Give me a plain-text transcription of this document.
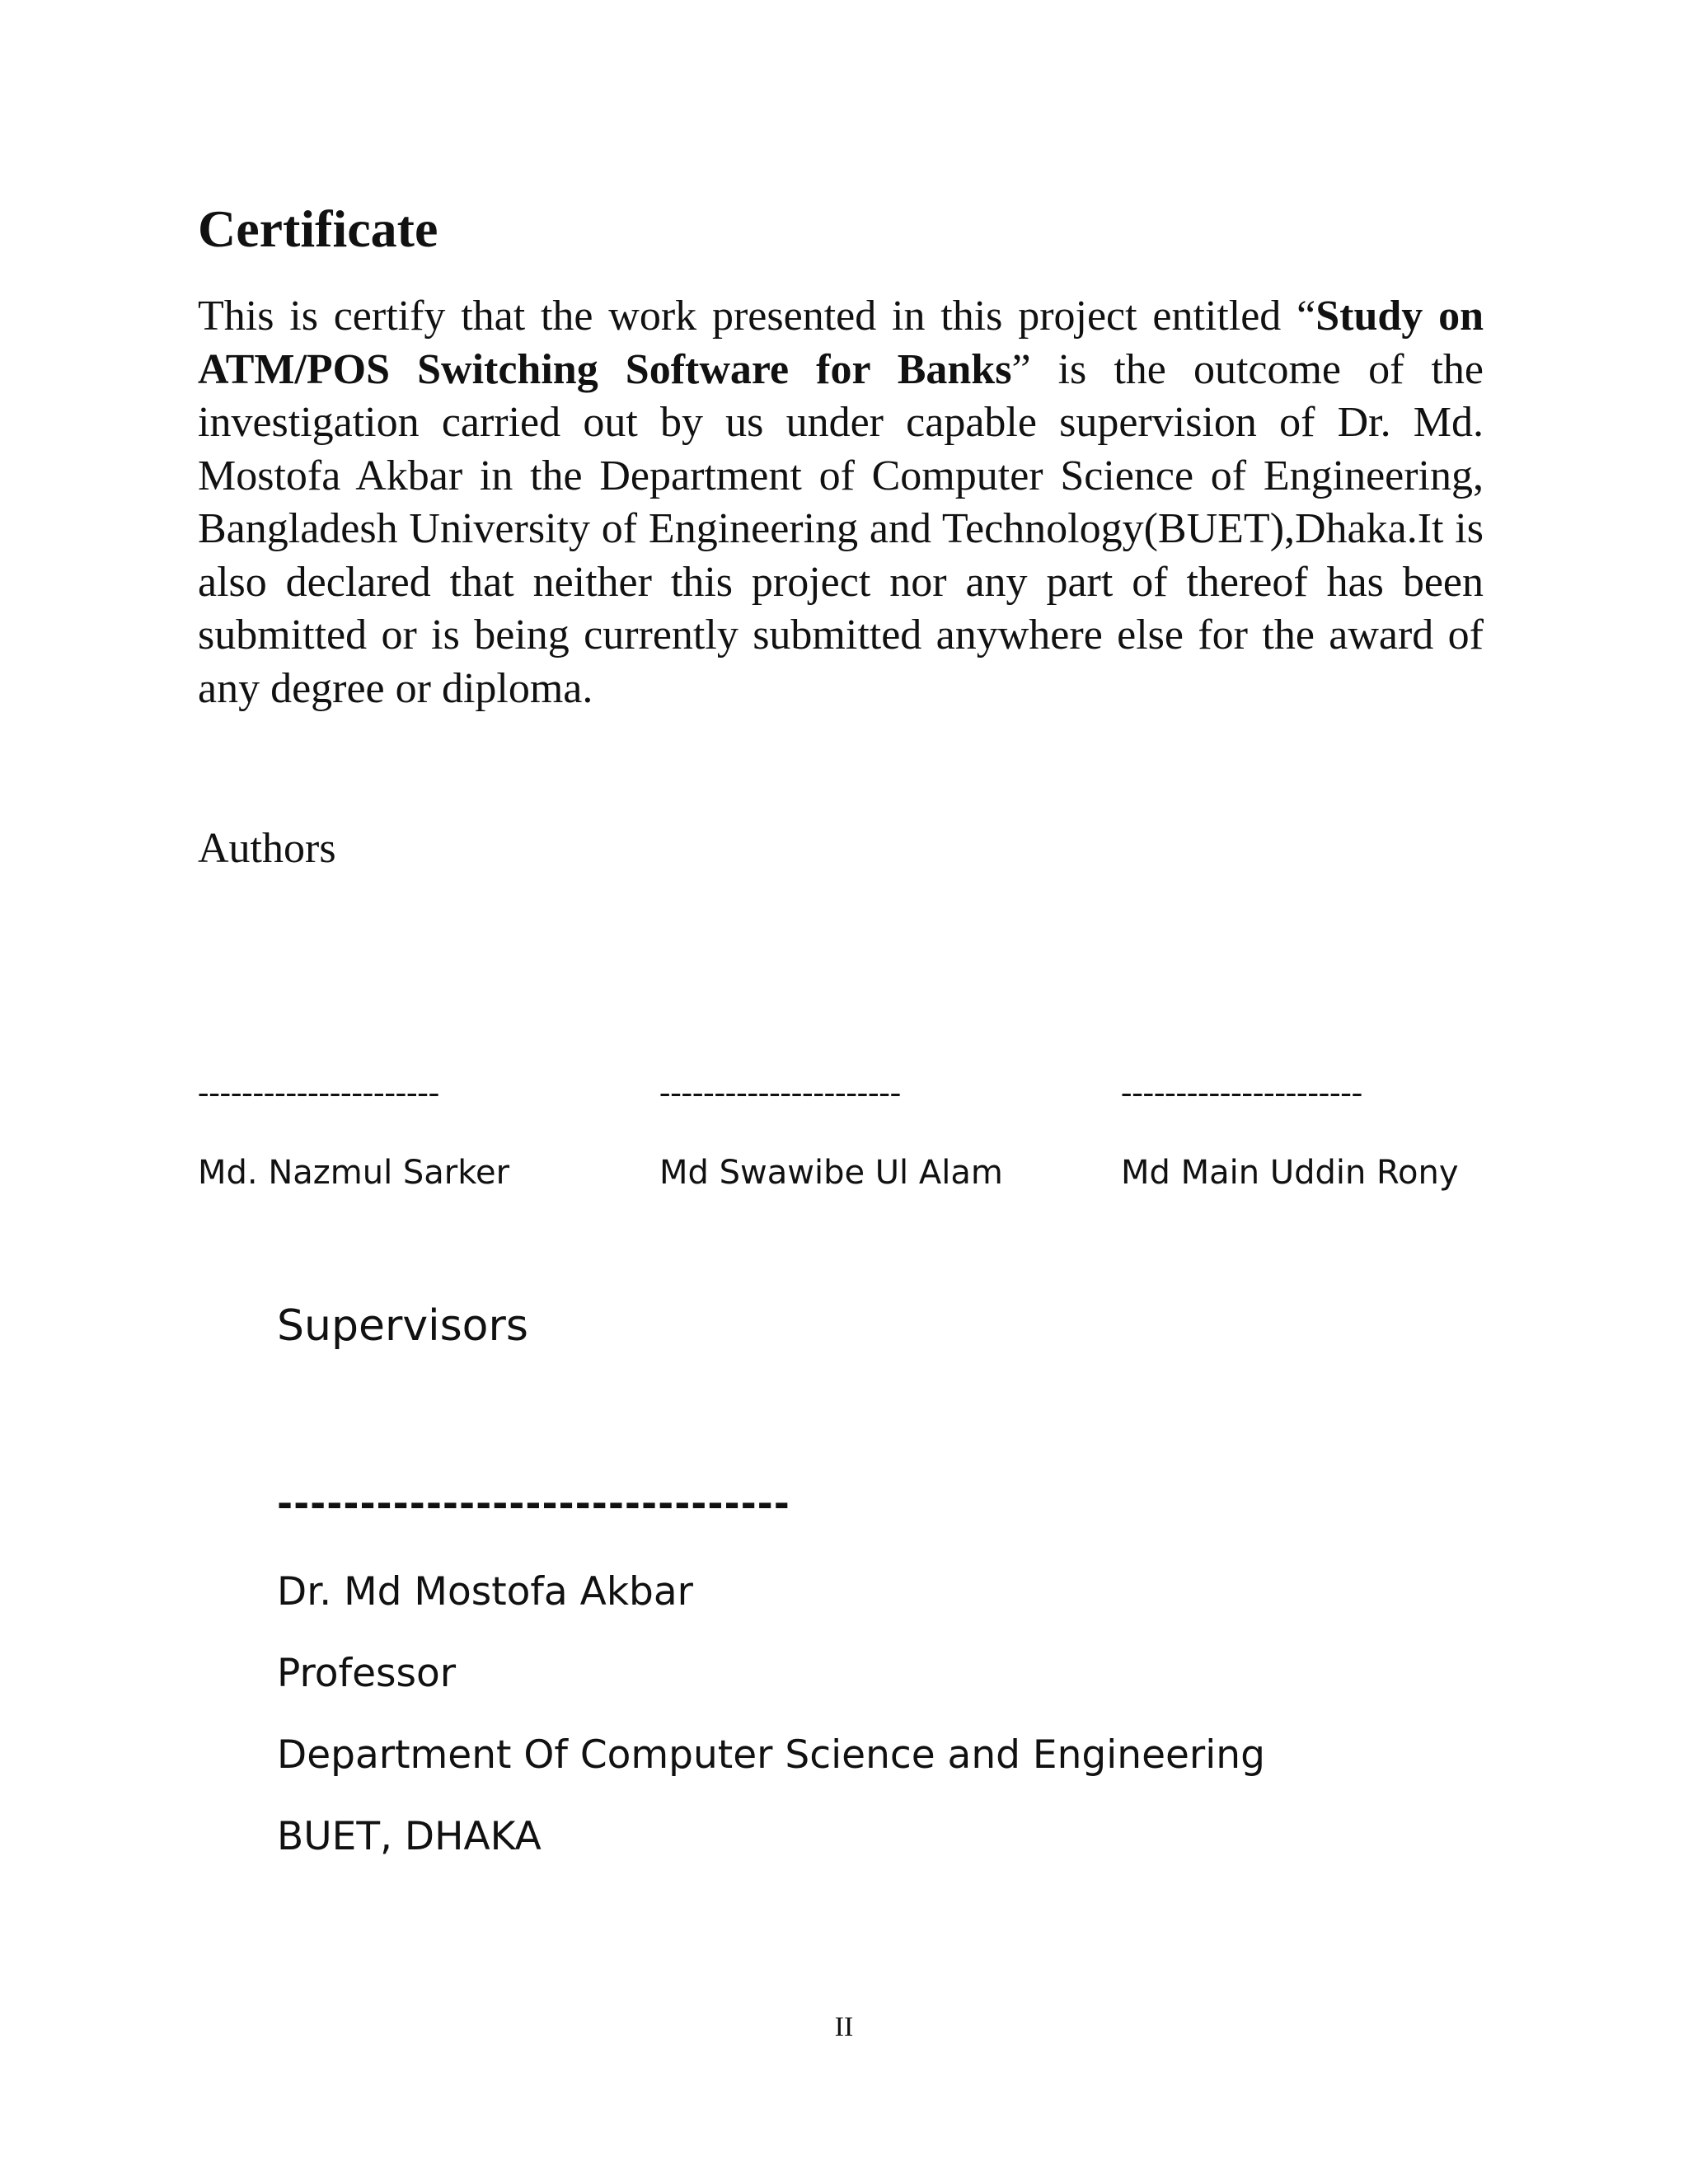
Certificate

This is certify that the work presented in this project entitled “Study on ATM/POS Switching Software for Banks” is the outcome of the investigation carried out by us under capable supervision of Dr. Md. Mostofa Akbar in the Department of Computer Science of Engineering, Bangladesh University of Engineering and Technology(BUET),Dhaka.It is also declared that neither this project nor any part of thereof has been submitted or is being currently submitted anywhere else for the award of any degree or diploma.

Authors
----------------------
Md. Nazmul Sarker
----------------------
Md Swawibe Ul Alam
----------------------
Md Main Uddin Rony
Supervisors
-------------------------------
Dr. Md Mostofa Akbar
Professor
Department Of Computer Science and Engineering
BUET, DHAKA
II
